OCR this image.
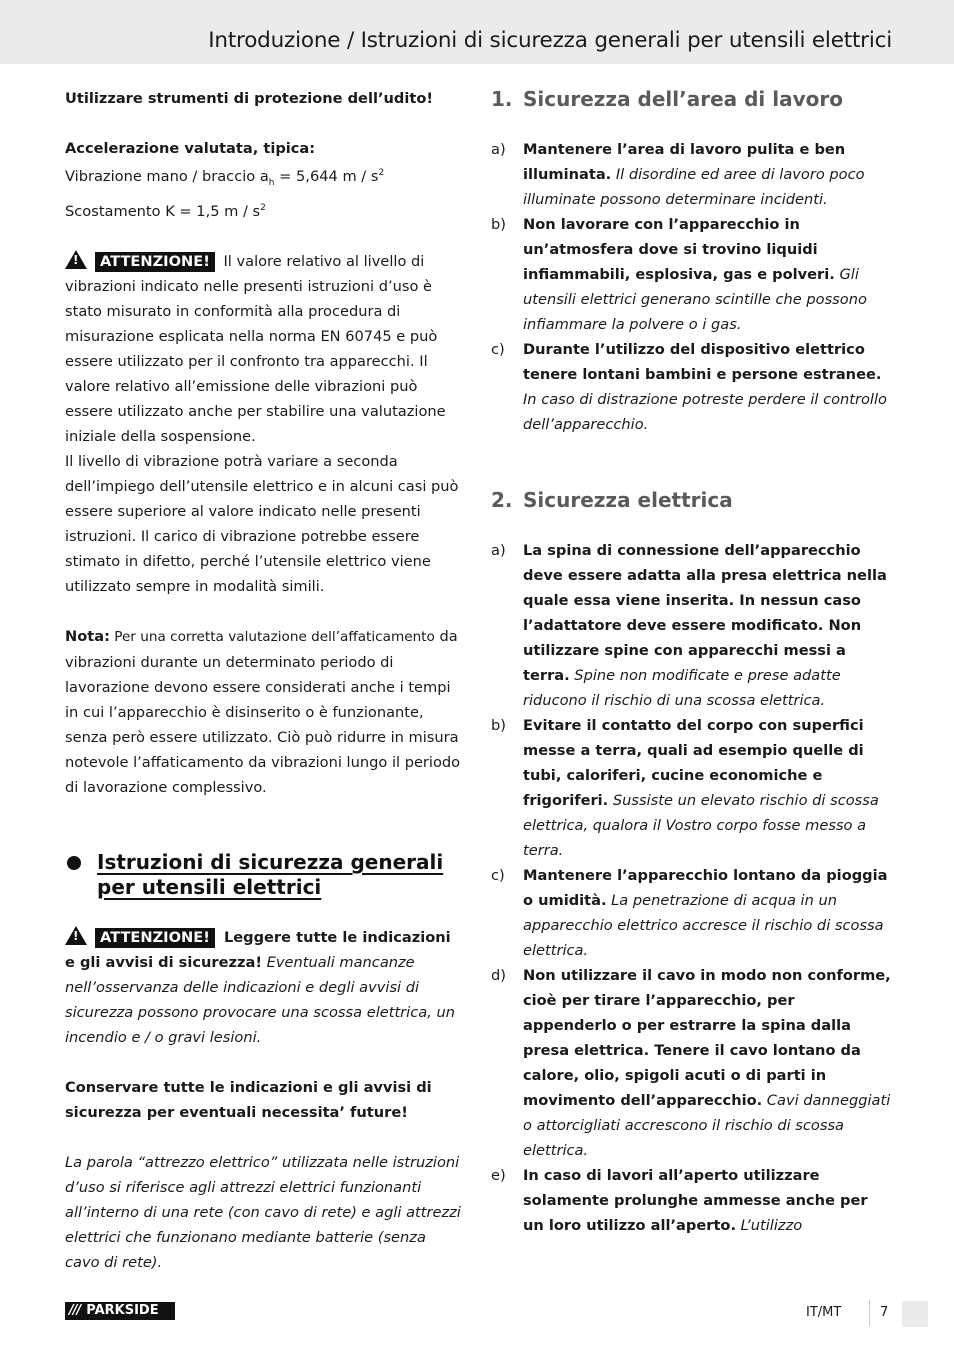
Introduzione / Istruzioni di sicurezza generali per utensili elettrici

Utilizzare strumenti di protezione dell’udito!

Accelerazione valutata, tipica:

Vibrazione mano / braccio $a_h = 5,644$ m / $s^2$

Scostamento K = 1,5 m / $s^2$

! ATTENZIONE! Il valore relativo al livello di vibrazioni indicato nelle presenti istruzioni d’uso è stato misurato in conformità alla procedura di misurazione esplicata nella norma EN 60745 e può essere utilizzato per il confronto tra apparecchi. Il valore relativo all’emissione delle vibrazioni può essere utilizzato anche per stabilire una valutazione iniziale della sospensione.

Il livello di vibrazione potrà variare a seconda dell’impiego dell’utensile elettrico e in alcuni casi può essere superiore al valore indicato nelle presenti istruzioni. Il carico di vibrazione potrebbe essere stimato in difetto, perché l’utensile elettrico viene utilizzato sempre in modalità simili.

Nota: Per una corretta valutazione dell’affaticamento da vibrazioni durante un determinato periodo di lavorazione devono essere considerati anche i tempi in cui l’apparecchio è disinserito o è funzionante, senza però essere utilizzato. Ciò può ridurre in misura notevole l’affaticamento da vibrazioni lungo il periodo di lavorazione complessivo.

Istruzioni di sicurezza generali per utensili elettrici

! ATTENZIONE! Leggere tutte le indicazioni e gli avvisi di sicurezza! Eventuali mancanze nell’osservanza delle indicazioni e degli avvisi di sicurezza possono provocare una scossa elettrica, un incendio e / o gravi lesioni.

Conservare tutte le indicazioni e gli avvisi di sicurezza per eventuali necessita’ future!

La parola “attrezzo elettrico” utilizzata nelle istruzioni d’uso si riferisce agli attrezzi elettrici funzionanti all’interno di una rete (con cavo di rete) e agli attrezzi elettrici che funzionano mediante batterie (senza cavo di rete).

1. Sicurezza dell’area di lavoro
a)	Mantenere l’area di lavoro pulita e ben illuminata. Il disordine ed aree di lavoro poco illuminate possono determinare incidenti.

b)	Non lavorare con l’apparecchio in un’atmosfera dove si trovino liquidi infiammabili, esplosiva, gas e polveri. Gli utensili elettrici generano scintille che possono infiammare la polvere o i gas.

c)	Durante l’utilizzo del dispositivo elettrico tenere lontani bambini e persone estranee. In caso di distrazione potreste perdere il controllo dell’apparecchio.

2. Sicurezza elettrica
a)	La spina di connessione dell’apparecchio deve essere adatta alla presa elettrica nella quale essa viene inserita. In nessun caso l’adattatore deve essere modificato. Non utilizzare spine con apparecchi messi a terra. Spine non modificate e prese adatte riducono il rischio di una scossa elettrica.

b)	Evitare il contatto del corpo con superfici messe a terra, quali ad esempio quelle di tubi, caloriferi, cucine economiche e frigoriferi. Sussiste un elevato rischio di scossa elettrica, qualora il Vostro corpo fosse messo a terra.

c)	Mantenere l’apparecchio lontano da pioggia o umidità. La penetrazione di acqua in un apparecchio elettrico accresce il rischio di scossa elettrica.

d)	Non utilizzare il cavo in modo non conforme, cioè per tirare l’apparecchio, per appenderlo o per estrarre la spina dalla presa elettrica. Tenere il cavo lontano da calore, olio, spigoli acuti o di parti in movimento dell’apparecchio. Cavi danneggiati o attorcigliati accrescono il rischio di scossa elettrica.

e)	In caso di lavori all’aperto utilizzare solamente prolunghe ammesse anche per un loro utilizzo all’aperto. L’utilizzo

/// PARKSIDE	IT/MT	7
